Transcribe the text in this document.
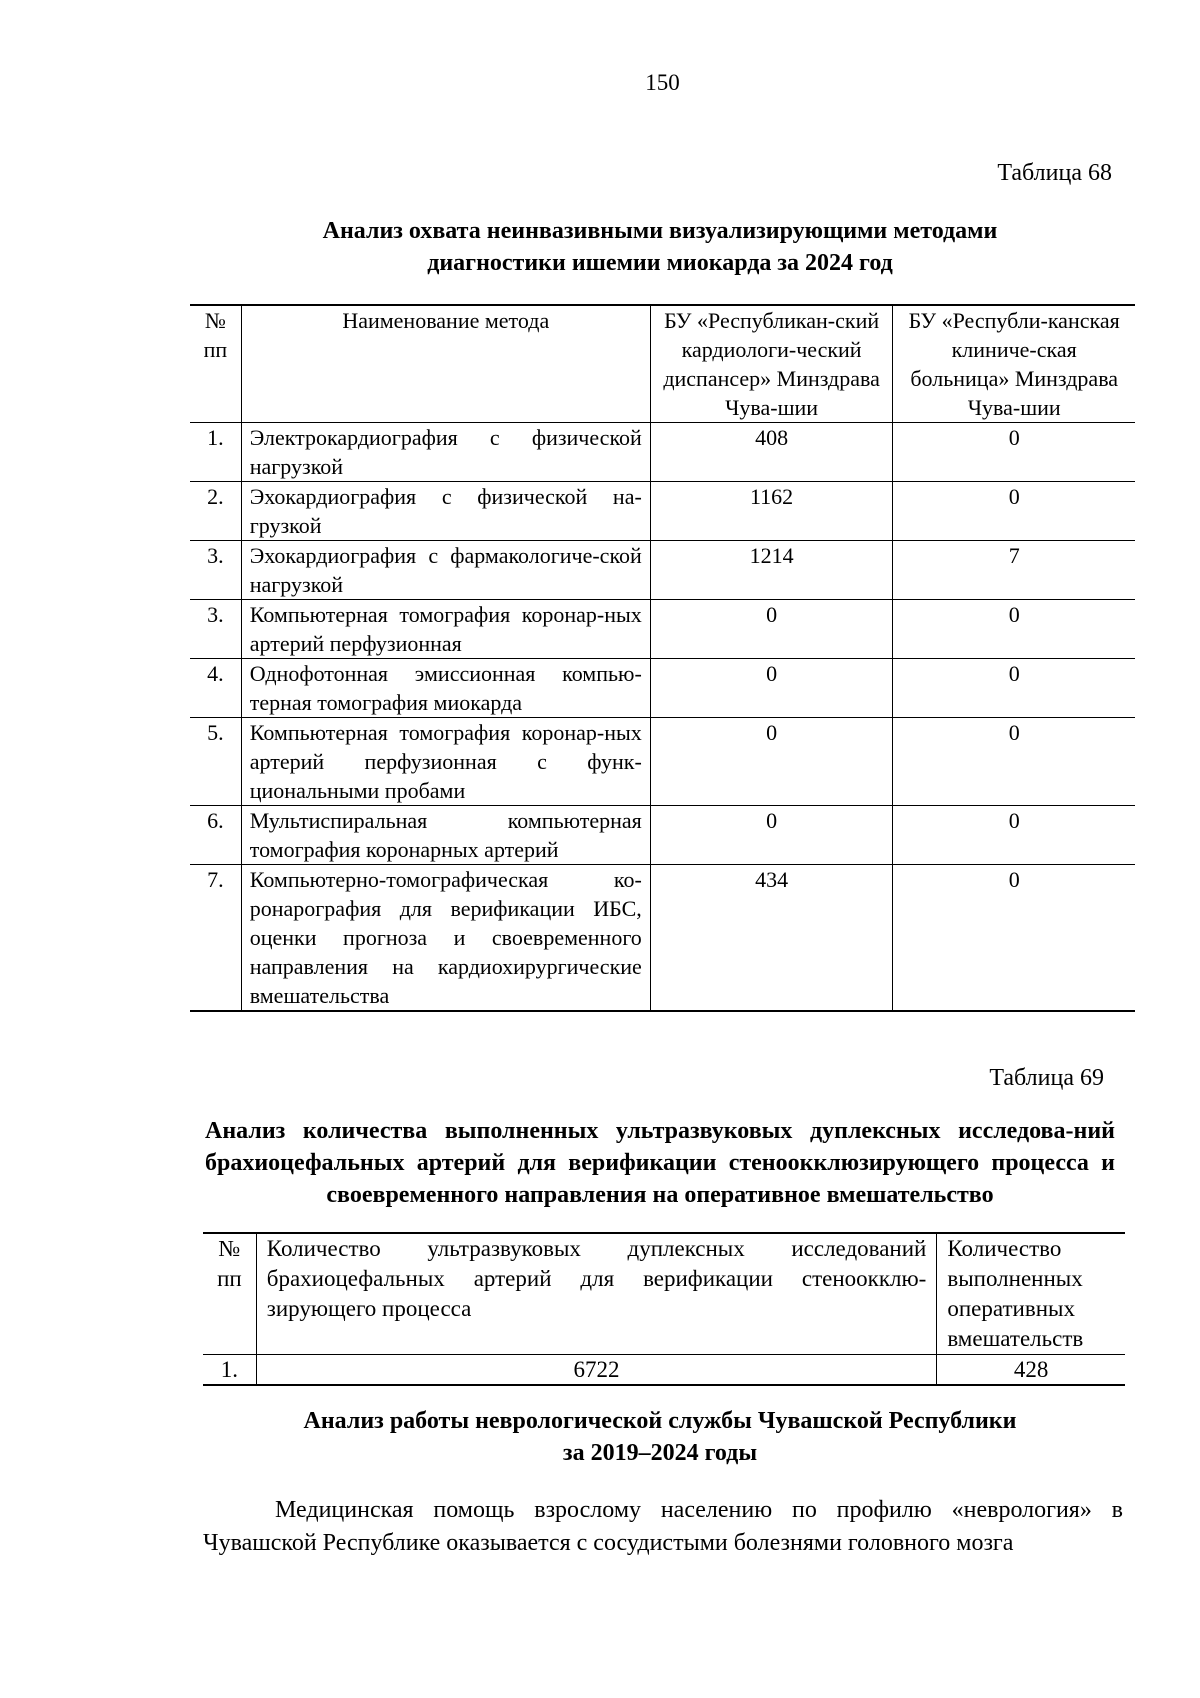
150
Таблица 68
Анализ охвата неинвазивными визуализирующими методами
диагностики ишемии миокарда за 2024 год
№ пп	Наименование метода	БУ «Республикан-ский кардиологи-ческий диспансер» Минздрава Чува-шии	БУ «Республи-канская клиниче-ская больница» Минздрава Чува-шии
1.	Электрокардиография с физической нагрузкой	408	0
2.	Эхокардиография с физической на-грузкой	1162	0
3.	Эхокардиография с фармакологиче-ской нагрузкой	1214	7
3.	Компьютерная томография коронар-ных артерий перфузионная	0	0
4.	Однофотонная эмиссионная компью-терная томография миокарда	0	0
5.	Компьютерная томография коронар-ных артерий перфузионная с функ-циональными пробами	0	0
6.	Мультиспиральная компьютерная томография коронарных артерий	0	0
7.	Компьютерно-томографическая ко-ронарография для верификации ИБС, оценки прогноза и своевременного направления на кардиохирургические вмешательства	434	0
Таблица 69
Анализ количества выполненных ультразвуковых дуплексных исследова-ний брахиоцефальных артерий для верификации стеноокклюзирующего процесса и своевременного направления на оперативное вмешательство
№ пп	Количество ультразвуковых дуплексных исследований брахиоцефальных артерий для верификации стеноокклю-зирующего процесса	Количество выполненных оперативных вмешательств
1.	6722	428
Анализ работы неврологической службы Чувашской Республики
за 2019–2024 годы
Медицинская помощь взрослому населению по профилю «неврология» в Чувашской Республике оказывается с сосудистыми болезнями головного мозга
